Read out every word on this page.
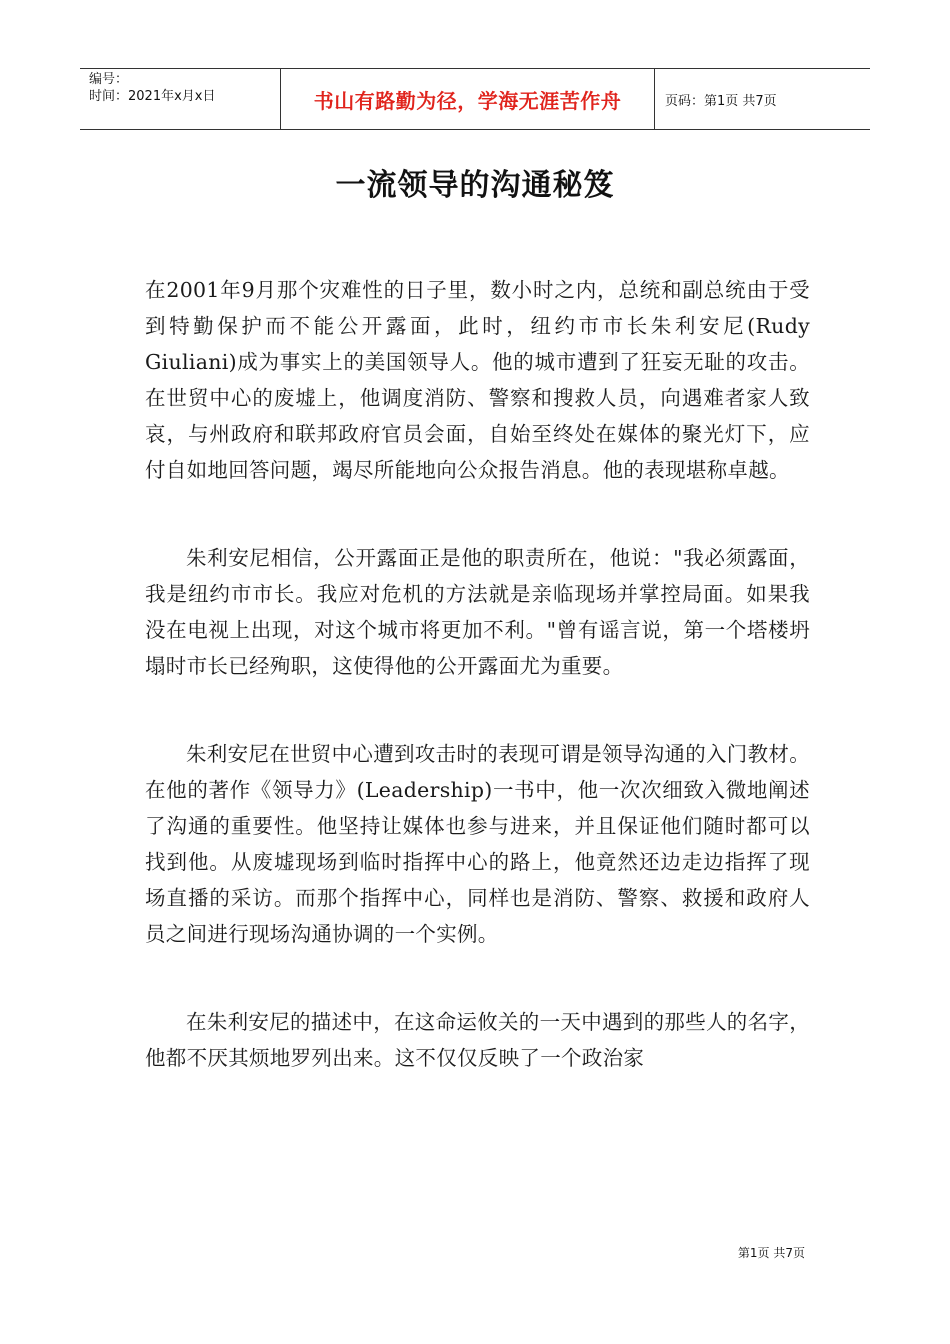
编号：
时间：2021年x月x日	书山有路勤为径，学海无涯苦作舟	页码：第1页 共7页
一流领导的沟通秘笈

在2001年9月那个灾难性的日子里，数小时之内，总统和副总统由于受到特勤保护而不能公开露面，此时，纽约市市长朱利安尼(Rudy Giuliani)成为事实上的美国领导人。他的城市遭到了狂妄无耻的攻击。在世贸中心的废墟上，他调度消防、警察和搜救人员，向遇难者家人致哀，与州政府和联邦政府官员会面，自始至终处在媒体的聚光灯下，应付自如地回答问题，竭尽所能地向公众报告消息。他的表现堪称卓越。

朱利安尼相信，公开露面正是他的职责所在，他说："我必须露面，我是纽约市市长。我应对危机的方法就是亲临现场并掌控局面。如果我没在电视上出现，对这个城市将更加不利。"曾有谣言说，第一个塔楼坍塌时市长已经殉职，这使得他的公开露面尤为重要。

朱利安尼在世贸中心遭到攻击时的表现可谓是领导沟通的入门教材。在他的著作《领导力》(Leadership)一书中，他一次次细致入微地阐述了沟通的重要性。他坚持让媒体也参与进来，并且保证他们随时都可以找到他。从废墟现场到临时指挥中心的路上，他竟然还边走边指挥了现场直播的采访。而那个指挥中心，同样也是消防、警察、救援和政府人员之间进行现场沟通协调的一个实例。

在朱利安尼的描述中，在这命运攸关的一天中遇到的那些人的名字，他都不厌其烦地罗列出来。这不仅仅反映了一个政治家

第1页 共7页
